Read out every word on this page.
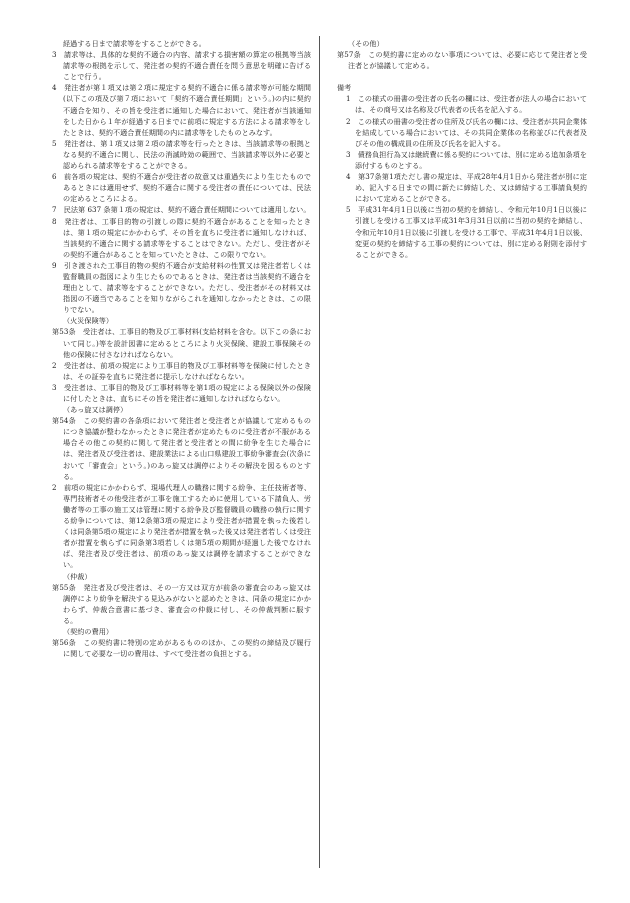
経過する日まで請求等をすることができる。

3　請求等は、具体的な契約不適合の内容、請求する損害額の算定の根拠等当該請求等の根拠を示して、発注者の契約不適合責任を問う意思を明確に告げることで行う。

4　発注者が第１項又は第２項に規定する契約不適合に係る請求等が可能な期間(以下この項及び第７項において「契約不適合責任期間」という。)の内に契約不適合を知り、その旨を受注者に通知した場合において、発注者が当該通知をした日から１年が経過する日までに前項に規定する方法による請求等をしたときは、契約不適合責任期間の内に請求等をしたものとみなす。

5　発注者は、第１項又は第２項の請求等を行ったときは、当該請求等の根拠となる契約不適合に関し、民法の消滅時効の範囲で、当該請求等以外に必要と認められる請求等をすることができる。

6　前各項の規定は、契約不適合が受注者の故意又は重過失により生じたものであるときには適用せず、契約不適合に関する受注者の責任については、民法の定めるところによる。

7　民法第 637 条第１項の規定は、契約不適合責任期間については適用しない。

8　発注者は、工事目的物の引渡しの際に契約不適合があることを知ったときは、第１項の規定にかかわらず、その旨を直ちに受注者に通知しなければ、当該契約不適合に関する請求等をすることはできない。ただし、受注者がその契約不適合があることを知っていたときは、この限りでない。

9　引き渡された工事目的物の契約不適合が支給材料の性質又は発注者若しくは監督職員の指図により生じたものであるときは、発注者は当該契約不適合を理由として、請求等をすることができない。ただし、受注者がその材料又は指図の不適当であることを知りながらこれを通知しなかったときは、この限りでない。

（火災保険等）

第53条　受注者は、工事目的物及び工事材料(支給材料を含む。以下この条において同じ。)等を設計図書に定めるところにより火災保険、建設工事保険その他の保険に付さなければならない。

2　受注者は、前項の規定により工事目的物及び工事材料等を保険に付したときは、その証券を直ちに発注者に提示しなければならない。

3　受注者は、工事目的物及び工事材料等を第1項の規定による保険以外の保険に付したときは、直ちにその旨を発注者に通知しなければならない。

（あっ旋又は調停）

第54条　この契約書の各条項において発注者と受注者とが協議して定めるものにつき協議が整わなかったときに発注者が定めたものに受注者が不服がある場合その他この契約に関して発注者と受注者との間に紛争を生じた場合には、発注者及び受注者は、建設業法による山口県建設工事紛争審査会(次条において「審査会」という。)のあっ旋又は調停によりその解決を図るものとする。

2　前項の規定にかかわらず、現場代理人の職務に関する紛争、主任技術者等、専門技術者その他受注者が工事を施工するために使用している下請負人、労働者等の工事の施工又は管理に関する紛争及び監督職員の職務の執行に関する紛争については、第12条第3項の規定により受注者が措置を執った後若しくは同条第5項の規定により発注者が措置を執った後又は発注者若しくは受注者が措置を執らずに同条第3項若しくは第5項の期間が経過した後でなければ、発注者及び受注者は、前項のあっ旋又は調停を請求することができない。

（仲裁）

第55条　発注者及び受注者は、その一方又は双方が前条の審査会のあっ旋又は調停により紛争を解決する見込みがないと認めたときは、同条の規定にかかわらず、仲裁合意書に基づき、審査会の仲裁に付し、その仲裁判断に服する。

（契約の費用）

第56条　この契約書に特別の定めがあるもののほか、この契約の締結及び履行に関して必要な一切の費用は、すべて受注者の負担とする。

（その他）

第57条　この契約書に定めのない事項については、必要に応じて発注者と受注者とが協議して定める。

備考

1　この様式の冊書の受注者の氏名の欄には、受注者が法人の場合においては、その商号又は名称及び代表者の氏名を記入する。

2　この様式の冊書の受注者の住所及び氏名の欄には、受注者が共同企業体を結成している場合においては、その共同企業体の名称並びに代表者及びその他の構成員の住所及び氏名を記入する。

3　債務負担行為又は継続費に係る契約については、別に定める追加条項を添付するものとする。

4　第37条第1項ただし書の規定は、平成28年4月1日から発注者が別に定め、記入する日までの間に新たに締結した、又は締結する工事請負契約において定めることができる。

5　平成31年4月1日以後に当初の契約を締結し、令和元年10月1日以後に引渡しを受ける工事又は平成31年3月31日以前に当初の契約を締結し、令和元年10月1日以後に引渡しを受ける工事で、平成31年4月1日以後、変更の契約を締結する工事の契約については、別に定める附則を添付することができる。
